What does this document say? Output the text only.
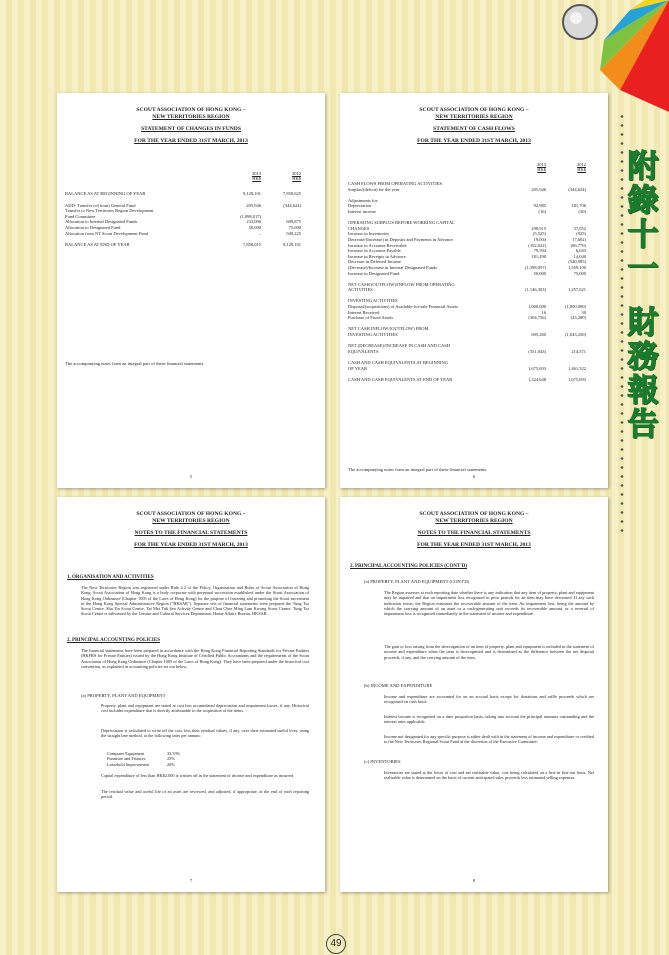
附
錄
十
一
財
務
報
告
SCOUT ASSOCIATION OF HONG KONG –
NEW TERRITORIES REGION
STATEMENT OF CHANGES IN FUNDS
FOR THE YEAR ENDED 31ST MARCH, 2013
2013
HK$
2012
HK$
BALANCE AS AT BEGINNING OF YEAR	9,128,101	7,850,625
ADD: Transfer to/(from) General Fund	205,946	(344,624)
Transfer to New Territories Region Development
Fund Committee	(1,098,017)	–
Allocation to Internal Designated Funds	233,000	609,875
Allocation to Designated Fund	50,000	75,000
Allocation from NT Scout Development Fund	–	949,225
BALANCE AS AT END OF YEAR	7,858,015	9,128,101
The accompanying notes form an integral part of these financial statements.
5
SCOUT ASSOCIATION OF HONG KONG –
NEW TERRITORIES REGION
STATEMENT OF CASH FLOWS
FOR THE YEAR ENDED 31ST MARCH, 2013
2013
HK$
2012
HK$
CASH FLOWS FROM OPERATING ACTIVITIES
Surplus/(deficit) for the year	205,946	(344,624)
Adjustments for:
Depreciation	92,985	181,706
Interest income	(16)	(30)
OPERATING SURPLUS BEFORE WORKING CAPITAL
CHANGES	298,915	37,052
Increase in Inventories	(5,525)	(925)
Decrease/(Increase) in Deposits and Payments in Advance	19,004	(7,602)
Increase in Accounts Receivable	(102,022)	(86,770)
Increase in Accounts Payable	79,594	6,043
Increase in Receipts in Advance	181,490	14,040
Decrease in Deferred Income	–	(540,085)
(Decrease)/Increase in Internal Designated Funds	(1,398,057)	1,559,100
Increase in Designated Fund	50,000	75,000
NET CASH (OUTFLOW)/INFLOW FROM OPERATING
ACTIVITIES	(1,146,303)	1,257,621
INVESTING ACTIVITIES
Disposal/(acquisitions) of Available-for-sale Financial Assets	1,000,000	(1,000,000)
Interest Received	16	30
Purchase of Fixed Assets	(304,756)	(43,280)
NET CASH INFLOW/(OUTFLOW) FROM
INVESTING ACTIVITIES	695,260	(1,043,250)
NET (DECREASE)/INCREASE IN CASH AND CASH
EQUIVALENTS	(351,043)	214,371
CASH AND CASH EQUIVALENTS AT BEGINNING
OF YEAR	1,675,693	1,461,322
CASH AND CASH EQUIVALENTS AT END OF YEAR	1,324,648	1,675,693
The accompanying notes form an integral part of these financial statements.
6
SCOUT ASSOCIATION OF HONG KONG –
NEW TERRITORIES REGION
NOTES TO THE FINANCIAL STATEMENTS
FOR THE YEAR ENDED 31ST MARCH, 2013
1. ORGANISATION AND ACTIVITIES
The New Territories Region was registered under Rule 4.2 of the Policy, Organisation and Rules of Scout Association of Hong Kong. Scout Association of Hong Kong is a body corporate with perpetual succession established under the Scout Association of Hong Kong Ordinance (Chapter 1005 of the Laws of Hong Kong) for the purpose of fostering and promoting the Scout movement in the Hong Kong Special Administrative Region ("HKSAR"). Separate sets of financial statements were prepared the Tung Tsz Scout Centre, Sha Tin Scout Centre, Tai Mei Tuk Sea Activity Centre and Chau Chee Ming Lam Kwong Scout Centre. Tung Tsz Scout Centre is subvented by the Leisure and Cultural Services Department, Home Affairs Bureau, HKSAR.
2. PRINCIPAL ACCOUNTING POLICIES
The financial statements have been prepared in accordance with the Hong Kong Financial Reporting Standards for Private Entities (HKFRS for Private Entities) issued by the Hong Kong Institute of Certified Public Accountants and the requirements of the Scout Association of Hong Kong Ordinance (Chapter 1005 of the Laws of Hong Kong). They have been prepared under the historical cost convention, as explained in accounting policies set out below.
(a) PROPERTY, PLANT AND EQUIPMENT
Property, plant and equipment are stated at cost less accumulated depreciation and impairment losses, if any. Historical cost includes expenditure that is directly attributable to the acquisition of the items.
Depreciation is calculated to write off the cost, less their residual values, if any, over their estimated useful lives, using the straight line method, at the following rates per annum:
Computer Equipment	33.33%
Furniture and Fixtures	25%
Leasehold Improvement	20%
Capital expenditure of less than HK$2,000 is written off in the statement of income and expenditure as incurred.
The residual value and useful life of an asset are reviewed, and adjusted, if appropriate, at the end of each reporting period.
7
SCOUT ASSOCIATION OF HONG KONG –
NEW TERRITORIES REGION
NOTES TO THE FINANCIAL STATEMENTS
FOR THE YEAR ENDED 31ST MARCH, 2013
2. PRINCIPAL ACCOUNTING POLICIES (CONT'D)
(a) PROPERTY, PLANT AND EQUIPMENT (CONT'D)
The Region assesses at each reporting date whether there is any indication that any item of property, plant and equipment may be impaired and that an impairment loss recognised in prior periods for an item may have decreased. If any such indication exists, the Region estimates the recoverable amount of the item. An impairment loss, being the amount by which the carrying amount of an asset or a cash-generating unit exceeds its recoverable amount, or a reversal of impairment loss is recognised immediately in the statement of income and expenditure.
The gain or loss arising from the derecognition of an item of property, plant and equipment is included in the statement of income and expenditure when the item is derecognised and is determined as the difference between the net disposal proceeds, if any, and the carrying amount of the item.
(b) INCOME AND EXPENDITURE
Income and expenditure are accounted for on an accrual basis except for donations and raffle proceeds which are recognised on cash basis.
Interest income is recognised on a time proportion basis, taking into account the principal amounts outstanding and the interest rates applicable.
Income not designated for any specific purpose is either dealt with in the statement of income and expenditure or credited to the New Territories Regional Scout Fund at the discretion of the Executive Committee.
(c) INVENTORIES
Inventories are stated at the lower of cost and net realisable value, cost being calculated on a first-in first-out basis. Net realisable value is determined on the basis of current anticipated sales proceeds less estimated selling expenses.
8
49
